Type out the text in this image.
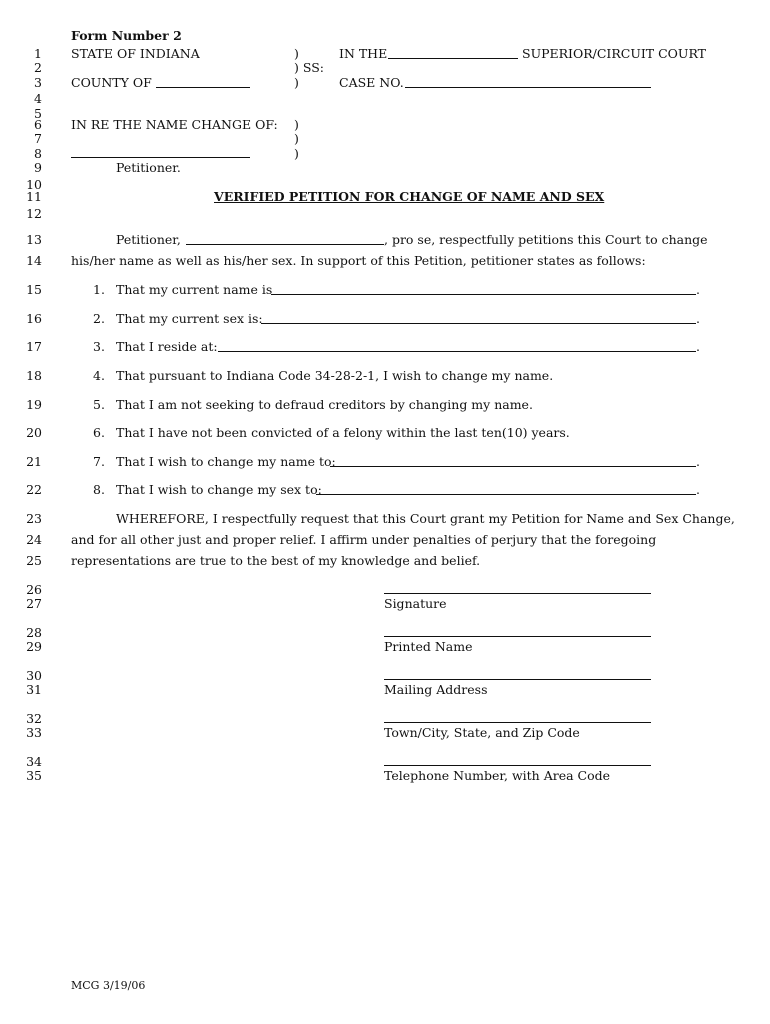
Form Number 2
1
2
3
4
5
6
7
8
9
10
11
12
13
14
15
16
17
18
19
20
21
22
23
24
25
26
27
28
29
30
31
32
33
34
35
STATE OF INDIANA	)	IN THE	SUPERIOR/CIRCUIT COURT
) SS:
COUNTY OF	)	CASE NO.
IN RE THE NAME CHANGE OF: )
)
)
Petitioner.
VERIFIED PETITION FOR CHANGE OF NAME AND SEX
Petitioner,	, pro se, respectfully petitions this Court to change
his/her name as well as his/her sex. In support of this Petition, petitioner states as follows:
1. That my current name is	.
2. That my current sex is:	.
3. That I reside at:	.
4. That pursuant to Indiana Code 34-28-2-1, I wish to change my name.
5. That I am not seeking to defraud creditors by changing my name.
6. That I have not been convicted of a felony within the last ten(10) years.
7. That I wish to change my name to:	.
8. That I wish to change my sex to:	.
WHEREFORE, I respectfully request that this Court grant my Petition for Name and Sex Change,
and for all other just and proper relief. I affirm under penalties of perjury that the foregoing
representations are true to the best of my knowledge and belief.
Signature
Printed Name
Mailing Address
Town/City, State, and Zip Code
Telephone Number, with Area Code
MCG 3/19/06
